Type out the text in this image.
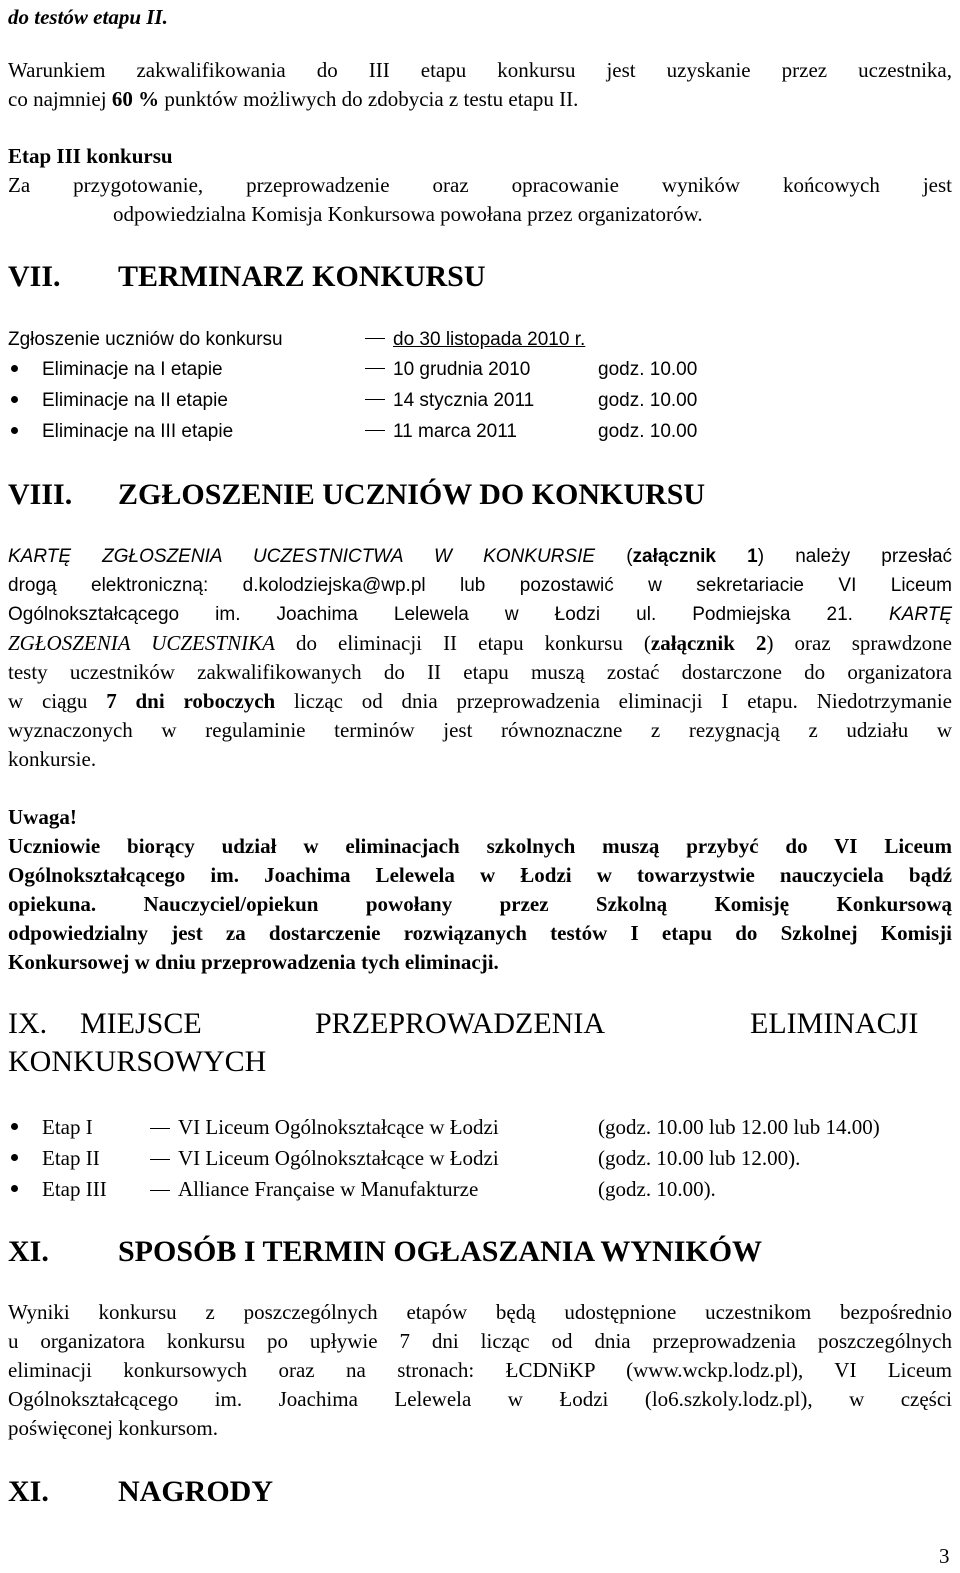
do testów etapu II.
Warunkiem zakwalifikowania do III etapu konkursu jest uzyskanie przez uczestnika,
co najmniej 60 % punktów możliwych do zdobycia z testu etapu II.
Etap III konkursu
Za przygotowanie, przeprowadzenie oraz opracowanie wyników końcowych jest
odpowiedzialna Komisja Konkursowa powołana przez organizatorów.
VII. TERMINARZ KONKURSU
Zgłoszenie uczniów do konkursu	do 30 listopada 2010 r.
Eliminacje na I etapie	10 grudnia 2010	godz. 10.00
Eliminacje na II etapie	14 stycznia 2011	godz. 10.00
Eliminacje na III etapie	11 marca 2011	godz. 10.00
VIII. ZGŁOSZENIE UCZNIÓW DO KONKURSU
KARTĘ ZGŁOSZENIA UCZESTNICTWA W KONKURSIE (załącznik 1) należy przesłać
drogą elektroniczną: d.kolodziejska@wp.pl lub pozostawić w sekretariacie VI Liceum
Ogólnokształcącego im. Joachima Lelewela w Łodzi ul. Podmiejska 21. KARTĘ
ZGŁOSZENIA UCZESTNIKA do eliminacji II etapu konkursu (załącznik 2) oraz sprawdzone
testy uczestników zakwalifikowanych do II etapu muszą zostać dostarczone do organizatora
w ciągu 7 dni roboczych licząc od dnia przeprowadzenia eliminacji I etapu. Niedotrzymanie
wyznaczonych w regulaminie terminów jest równoznaczne z rezygnacją z udziału w
konkursie.
Uwaga!
Uczniowie biorący udział w eliminacjach szkolnych muszą przybyć do VI Liceum
Ogólnokształcącego im. Joachima Lelewela w Łodzi w towarzystwie nauczyciela bądź
opiekuna. Nauczyciel/opiekun powołany przez Szkolną Komisję Konkursową
odpowiedzialny jest za dostarczenie rozwiązanych testów I etapu do Szkolnej Komisji
Konkursowej w dniu przeprowadzenia tych eliminacji.
IX. MIEJSCE	PRZEPROWADZENIA	ELIMINACJI
KONKURSOWYCH
Etap I	VI Liceum Ogólnokształcące w Łodzi	(godz. 10.00 lub 12.00 lub 14.00)
Etap II	VI Liceum Ogólnokształcące w Łodzi	(godz. 10.00 lub 12.00).
Etap III	Alliance Française w Manufakturze	(godz. 10.00).
XI. SPOSÓB I TERMIN OGŁASZANIA WYNIKÓW
Wyniki konkursu z poszczególnych etapów będą udostępnione uczestnikom bezpośrednio
u organizatora konkursu po upływie 7 dni licząc od dnia przeprowadzenia poszczególnych
eliminacji konkursowych oraz na stronach: ŁCDNiKP (www.wckp.lodz.pl), VI Liceum
Ogólnokształcącego im. Joachima Lelewela w Łodzi (lo6.szkoly.lodz.pl), w części
poświęconej konkursom.
XI. NAGRODY
3
